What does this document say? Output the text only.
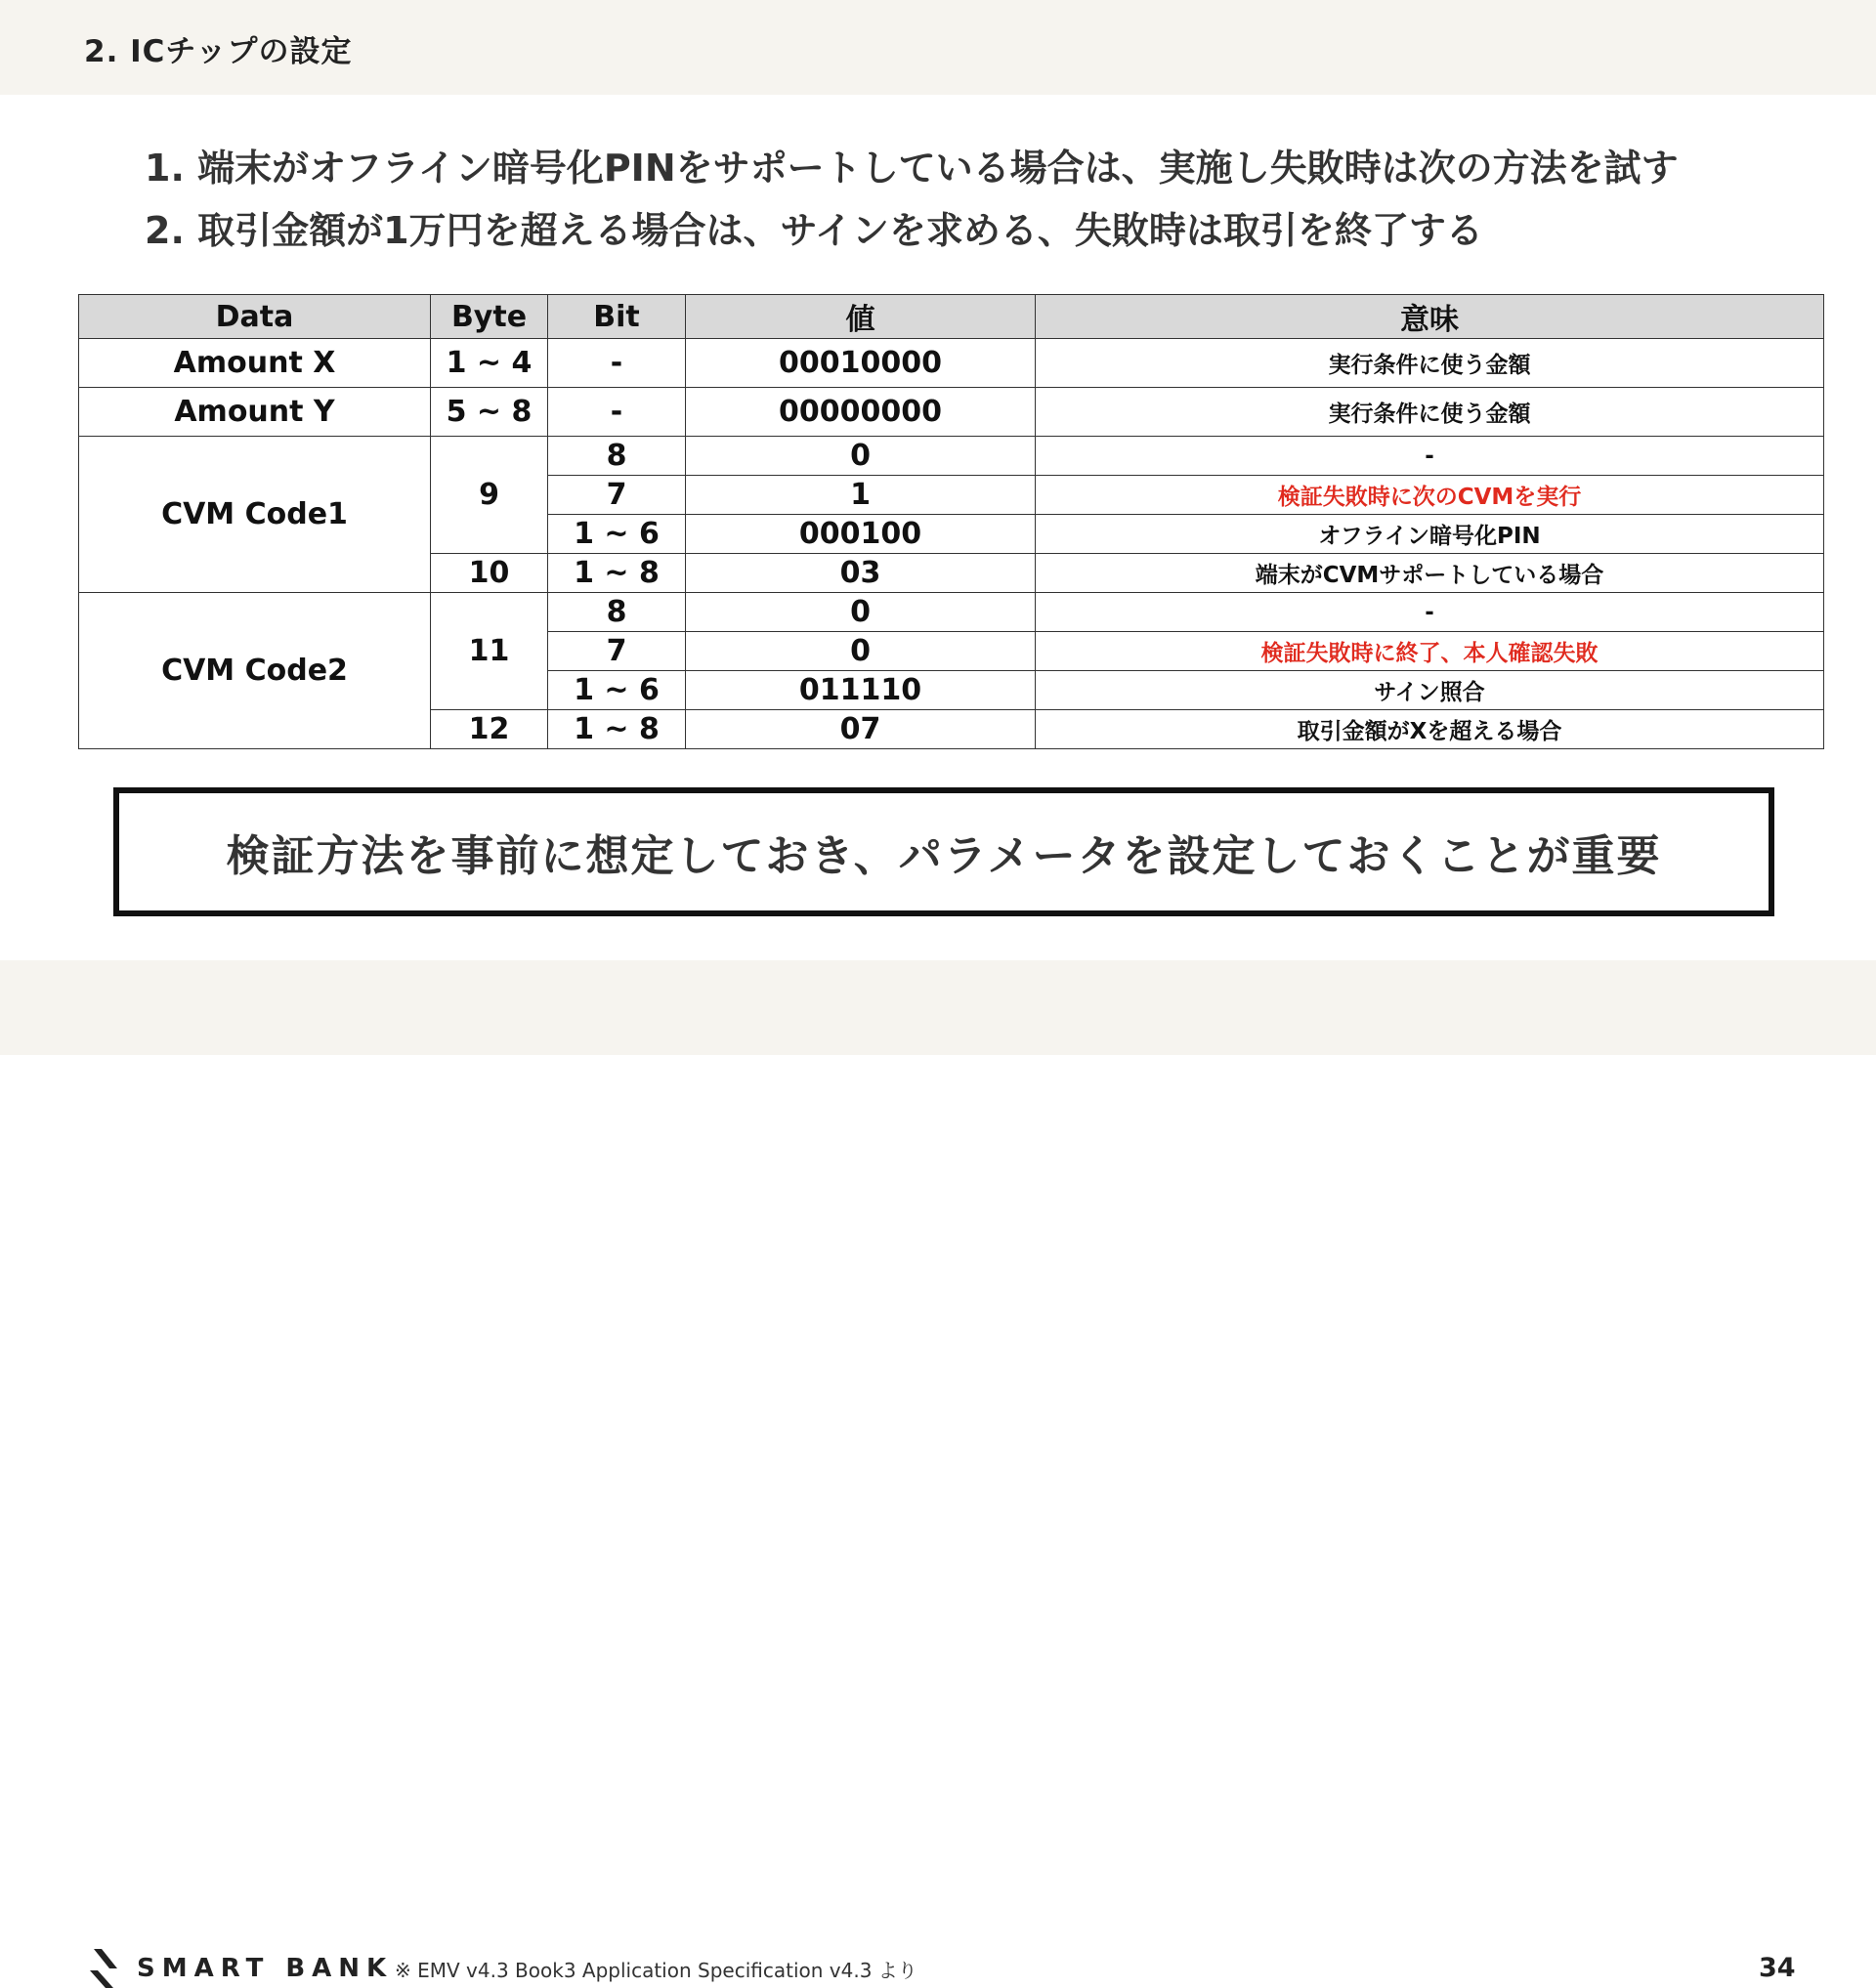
2. ICチップの設定
1. 端末がオフライン暗号化PINをサポートしている場合は、実施し失敗時は次の方法を試す
2. 取引金額が1万円を超える場合は、サインを求める、失敗時は取引を終了する
Data	Byte	Bit	値	意味
Amount X	1 ~ 4	-	00010000	実行条件に使う金額
Amount Y	5 ~ 8	-	00000000	実行条件に使う金額
CVM Code1	9	8	0	-
		7	1	検証失敗時に次のCVMを実行
		1 ~ 6	000100	オフライン暗号化PIN
	10	1 ~ 8	03	端末がCVMサポートしている場合
CVM Code2	11	8	0	-
		7	0	検証失敗時に終了、本人確認失敗
		1 ~ 6	011110	サイン照合
	12	1 ~ 8	07	取引金額がXを超える場合
検証方法を事前に想定しておき、パラメータを設定しておくことが重要
SMART BANK ※ EMV v4.3 Book3 Application Specification v4.3 より	34
